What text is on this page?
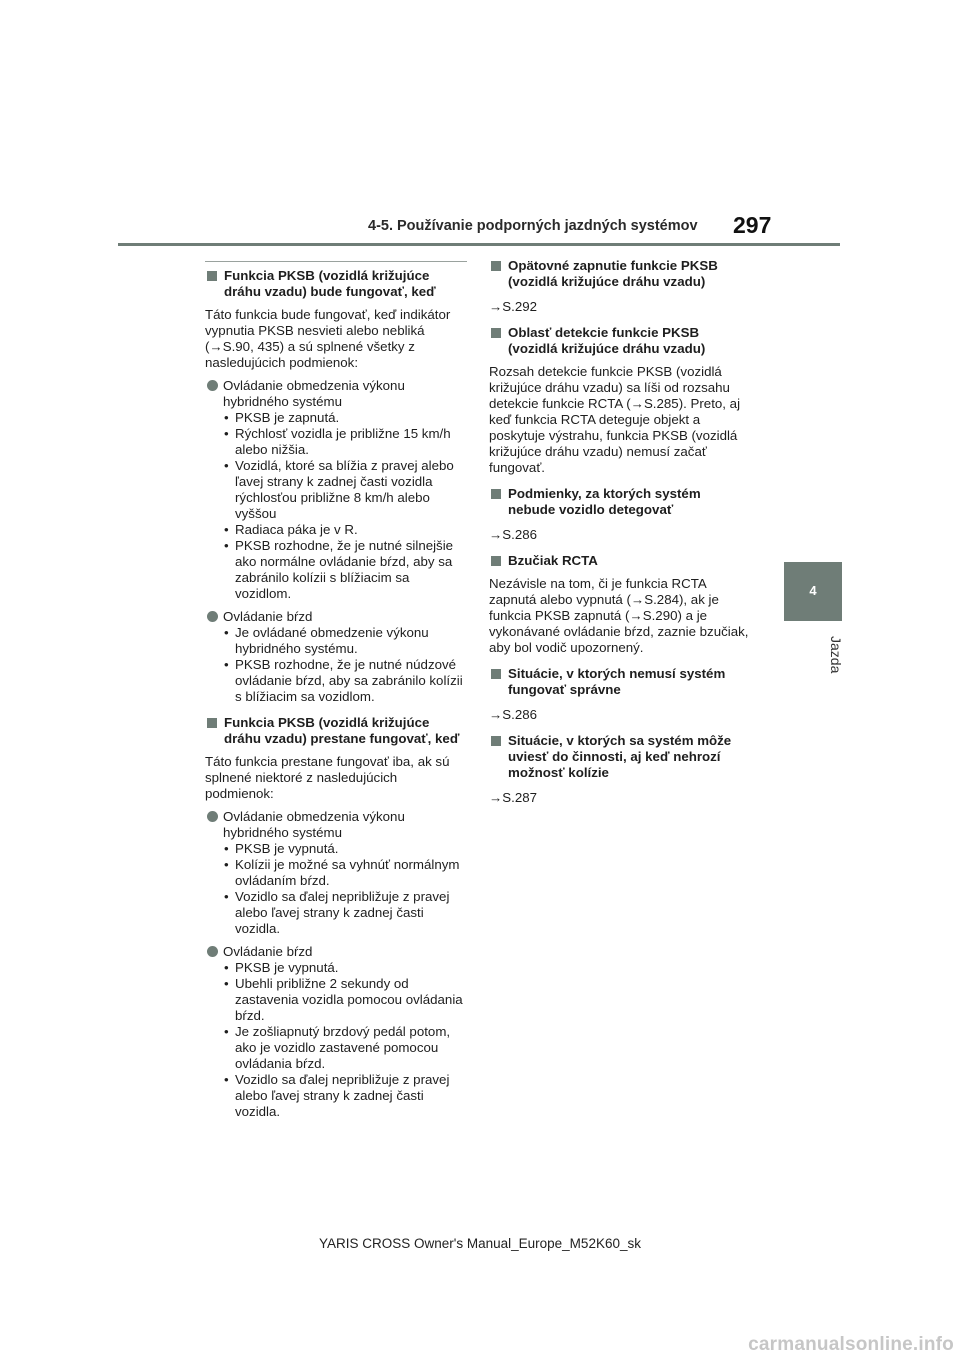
4-5. Používanie podporných jazdných systémov 297
4
Jazda
Funkcia PKSB (vozidlá križujúce dráhu vzadu) bude fungovať, keď
Táto funkcia bude fungovať, keď indikátor vypnutia PKSB nesvieti alebo nebliká (→S.90, 435) a sú splnené všetky z nasledujúcich podmienok:
Ovládanie obmedzenia výkonu hybridného systému
• PKSB je zapnutá.
• Rýchlosť vozidla je približne 15 km/h alebo nižšia.
• Vozidlá, ktoré sa blížia z pravej alebo ľavej strany k zadnej časti vozidla rýchlosťou približne 8 km/h alebo vyššou
• Radiaca páka je v R.
• PKSB rozhodne, že je nutné silnejšie ako normálne ovládanie bŕzd, aby sa zabránilo kolízii s blížiacim sa vozidlom.
Ovládanie bŕzd
• Je ovládané obmedzenie výkonu hybridného systému.
• PKSB rozhodne, že je nutné núdzové ovládanie bŕzd, aby sa zabránilo kolízii s blížiacim sa vozidlom.
Funkcia PKSB (vozidlá križujúce dráhu vzadu) prestane fungovať, keď
Táto funkcia prestane fungovať iba, ak sú splnené niektoré z nasledujúcich podmienok:
Ovládanie obmedzenia výkonu hybridného systému
• PKSB je vypnutá.
• Kolízii je možné sa vyhnúť normálnym ovládaním bŕzd.
• Vozidlo sa ďalej nepribližuje z pravej alebo ľavej strany k zadnej časti vozidla.
Ovládanie bŕzd
• PKSB je vypnutá.
• Ubehli približne 2 sekundy od zastavenia vozidla pomocou ovládania bŕzd.
• Je zošliapnutý brzdový pedál potom, ako je vozidlo zastavené pomocou ovládania bŕzd.
• Vozidlo sa ďalej nepribližuje z pravej alebo ľavej strany k zadnej časti vozidla.
Opätovné zapnutie funkcie PKSB (vozidlá križujúce dráhu vzadu)
→S.292
Oblasť detekcie funkcie PKSB (vozidlá križujúce dráhu vzadu)
Rozsah detekcie funkcie PKSB (vozidlá križujúce dráhu vzadu) sa líši od rozsahu detekcie funkcie RCTA (→S.285). Preto, aj keď funkcia RCTA deteguje objekt a poskytuje výstrahu, funkcia PKSB (vozidlá križujúce dráhu vzadu) nemusí začať fungovať.
Podmienky, za ktorých systém nebude vozidlo detegovať
→S.286
Bzučiak RCTA
Nezávisle na tom, či je funkcia RCTA zapnutá alebo vypnutá (→S.284), ak je funkcia PKSB zapnutá (→S.290) a je vykonávané ovládanie bŕzd, zaznie bzučiak, aby bol vodič upozornený.
Situácie, v ktorých nemusí systém fungovať správne
→S.286
Situácie, v ktorých sa systém môže uviesť do činnosti, aj keď nehrozí možnosť kolízie
→S.287
YARIS CROSS Owner's Manual_Europe_M52K60_sk
carmanualsonline.info
